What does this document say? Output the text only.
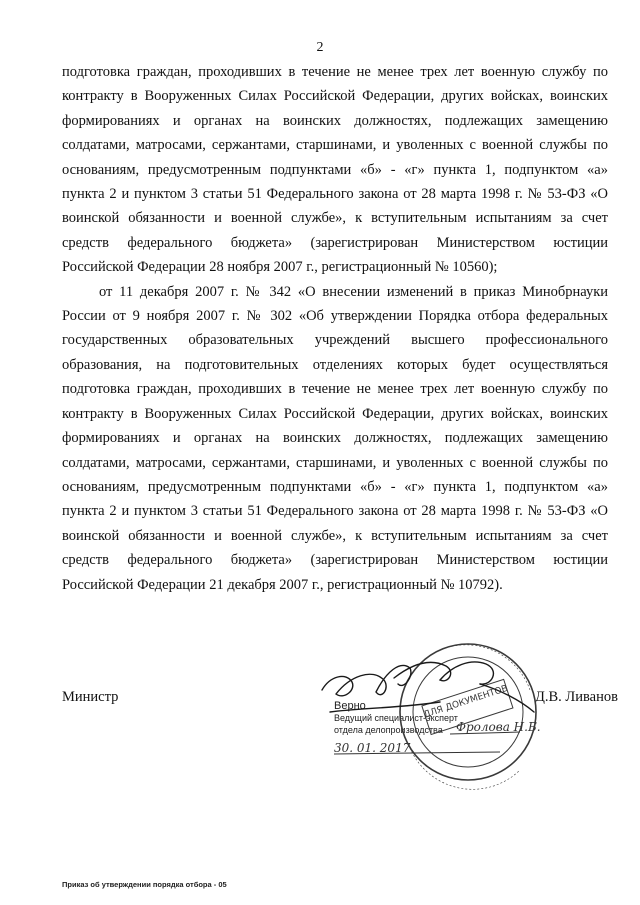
2

подготовка граждан, проходивших в течение не менее трех лет военную службу по контракту в Вооруженных Силах Российской Федерации, других войсках, воинских формированиях и органах на воинских должностях, подлежащих замещению солдатами, матросами, сержантами, старшинами, и уволенных с военной службы по основаниям, предусмотренным подпунктами «б» - «г» пункта 1, подпунктом «а» пункта 2 и пунктом 3 статьи 51 Федерального закона от 28 марта 1998 г. № 53-ФЗ «О воинской обязанности и военной службе», к вступительным испытаниям за счет средств федерального бюджета» (зарегистрирован Министерством юстиции Российской Федерации 28 ноября 2007 г., регистрационный № 10560);

от 11 декабря 2007 г. № 342 «О внесении изменений в приказ Минобрнауки России от 9 ноября 2007 г. № 302 «Об утверждении Порядка отбора федеральных государственных образовательных учреждений высшего профессионального образования, на подготовительных отделениях которых будет осуществляться подготовка граждан, проходивших в течение не менее трех лет военную службу по контракту в Вооруженных Силах Российской Федерации, других войсках, воинских формированиях и органах на воинских должностях, подлежащих замещению солдатами, матросами, сержантами, старшинами, и уволенных с военной службы по основаниям, предусмотренным подпунктами «б» - «г» пункта 1, подпунктом «а» пункта 2 и пунктом 3 статьи 51 Федерального закона от 28 марта 1998 г. № 53-ФЗ «О воинской обязанности и военной службе», к вступительным испытаниям за счет средств федерального бюджета» (зарегистрирован Министерством юстиции Российской Федерации 21 декабря 2007 г., регистрационный № 10792).

Министр	Д.В. Ливанов
Верно
Ведущий специалист-эксперт
отдела делопроизводства	Фролова Н.Б.
30. 01. 2017
ДЛЯ ДОКУМЕНТОВ
Приказ об утверждении порядка отбора - 05
